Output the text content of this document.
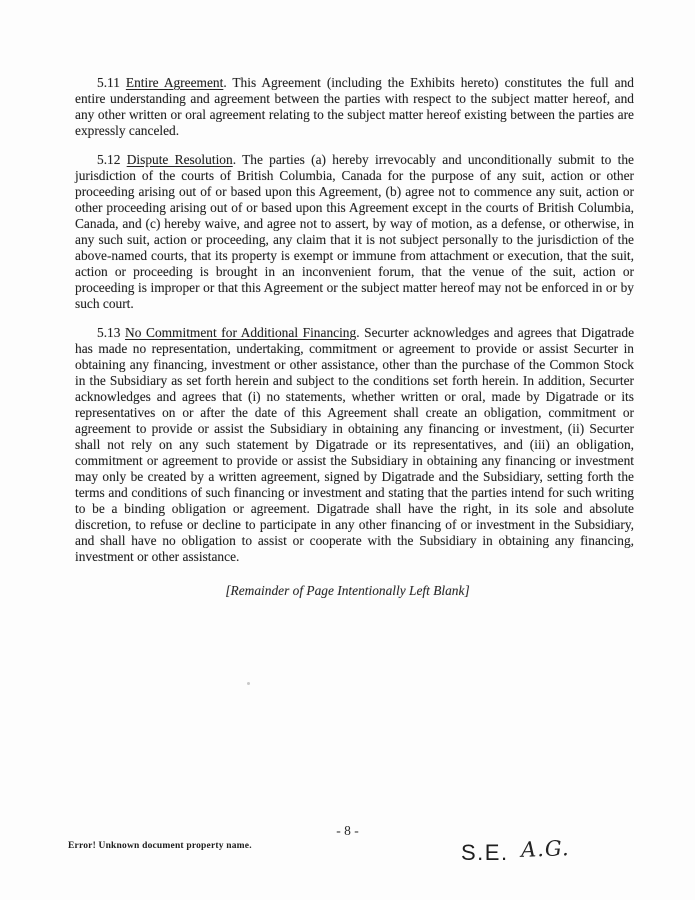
5.11 Entire Agreement. This Agreement (including the Exhibits hereto) constitutes the full and entire understanding and agreement between the parties with respect to the subject matter hereof, and any other written or oral agreement relating to the subject matter hereof existing between the parties are expressly canceled.

5.12 Dispute Resolution. The parties (a) hereby irrevocably and unconditionally submit to the jurisdiction of the courts of British Columbia, Canada for the purpose of any suit, action or other proceeding arising out of or based upon this Agreement, (b) agree not to commence any suit, action or other proceeding arising out of or based upon this Agreement except in the courts of British Columbia, Canada, and (c) hereby waive, and agree not to assert, by way of motion, as a defense, or otherwise, in any such suit, action or proceeding, any claim that it is not subject personally to the jurisdiction of the above-named courts, that its property is exempt or immune from attachment or execution, that the suit, action or proceeding is brought in an inconvenient forum, that the venue of the suit, action or proceeding is improper or that this Agreement or the subject matter hereof may not be enforced in or by such court.

5.13 No Commitment for Additional Financing. Securter acknowledges and agrees that Digatrade has made no representation, undertaking, commitment or agreement to provide or assist Securter in obtaining any financing, investment or other assistance, other than the purchase of the Common Stock in the Subsidiary as set forth herein and subject to the conditions set forth herein. In addition, Securter acknowledges and agrees that (i) no statements, whether written or oral, made by Digatrade or its representatives on or after the date of this Agreement shall create an obligation, commitment or agreement to provide or assist the Subsidiary in obtaining any financing or investment, (ii) Securter shall not rely on any such statement by Digatrade or its representatives, and (iii) an obligation, commitment or agreement to provide or assist the Subsidiary in obtaining any financing or investment may only be created by a written agreement, signed by Digatrade and the Subsidiary, setting forth the terms and conditions of such financing or investment and stating that the parties intend for such writing to be a binding obligation or agreement. Digatrade shall have the right, in its sole and absolute discretion, to refuse or decline to participate in any other financing of or investment in the Subsidiary, and shall have no obligation to assist or cooperate with the Subsidiary in obtaining any financing, investment or other assistance.

[Remainder of Page Intentionally Left Blank]
- 8 -
Error! Unknown document property name.	S.E. A.G.
